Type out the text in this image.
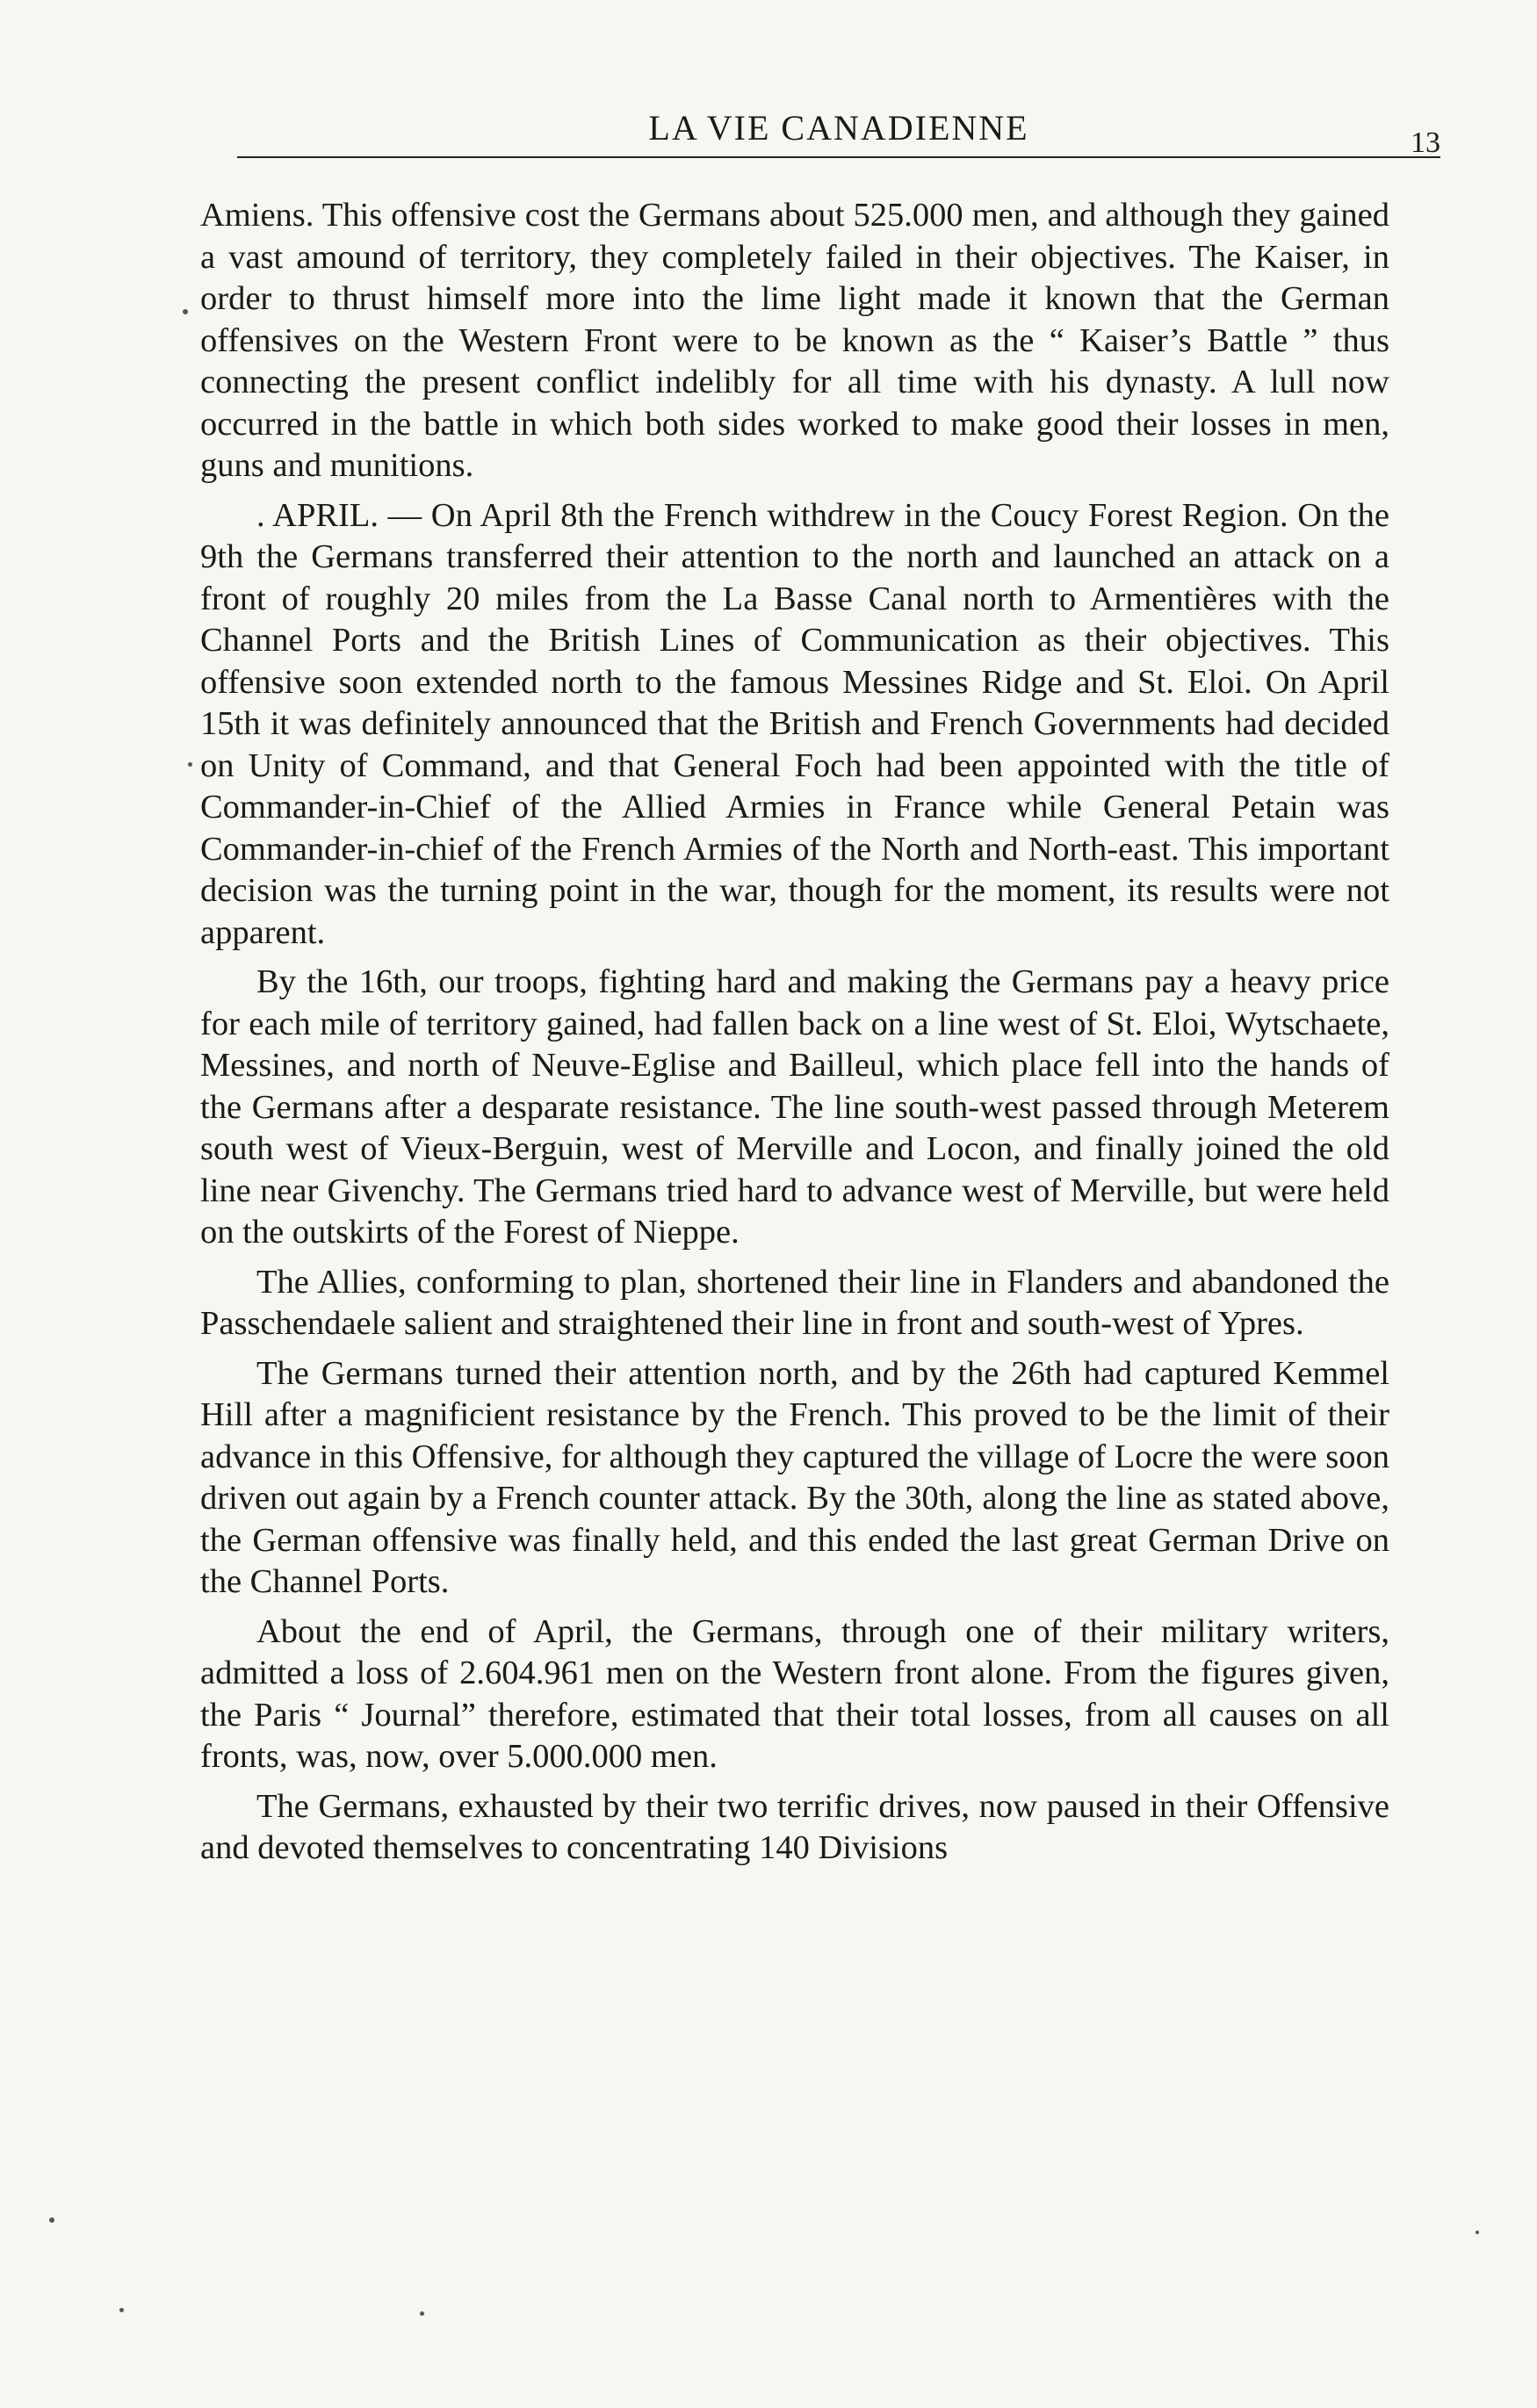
LA VIE CANADIENNE	13

Amiens. This offensive cost the Germans about 525.000 men, and although they gained a vast amound of territory, they completely failed in their objectives. The Kaiser, in order to thrust himself more into the lime light made it known that the German offensives on the Western Front were to be known as the “ Kaiser’s Battle ” thus connecting the present conflict indelibly for all time with his dynasty. A lull now occurred in the battle in which both sides worked to make good their losses in men, guns and munitions.

. APRIL. — On April 8th the French withdrew in the Coucy Forest Region. On the 9th the Germans transferred their attention to the north and launched an attack on a front of roughly 20 miles from the La Basse Canal north to Armentières with the Channel Ports and the British Lines of Communication as their objectives. This offensive soon extended north to the famous Messines Ridge and St. Eloi. On April 15th it was definitely announced that the British and French Governments had decided on Unity of Command, and that General Foch had been appointed with the title of Commander-in-Chief of the Allied Armies in France while General Petain was Commander-in-chief of the French Armies of the North and North-east. This important decision was the turning point in the war, though for the moment, its results were not apparent.

By the 16th, our troops, fighting hard and making the Germans pay a heavy price for each mile of territory gained, had fallen back on a line west of St. Eloi, Wytschaete, Messines, and north of Neuve-Eglise and Bailleul, which place fell into the hands of the Germans after a desparate resistance. The line south-west passed through Meterem south west of Vieux-Berguin, west of Merville and Locon, and finally joined the old line near Givenchy. The Germans tried hard to advance west of Merville, but were held on the outskirts of the Forest of Nieppe.

The Allies, conforming to plan, shortened their line in Flanders and abandoned the Passchendaele salient and straightened their line in front and south-west of Ypres.

The Germans turned their attention north, and by the 26th had captured Kemmel Hill after a magnificient resistance by the French. This proved to be the limit of their advance in this Offensive, for although they captured the village of Locre the were soon driven out again by a French counter attack. By the 30th, along the line as stated above, the German offensive was finally held, and this ended the last great German Drive on the Channel Ports.

About the end of April, the Germans, through one of their military writers, admitted a loss of 2.604.961 men on the Western front alone. From the figures given, the Paris “ Journal” therefore, estimated that their total losses, from all causes on all fronts, was, now, over 5.000.000 men.

The Germans, exhausted by their two terrific drives, now paused in their Offensive and devoted themselves to concentrating 140 Divisions
